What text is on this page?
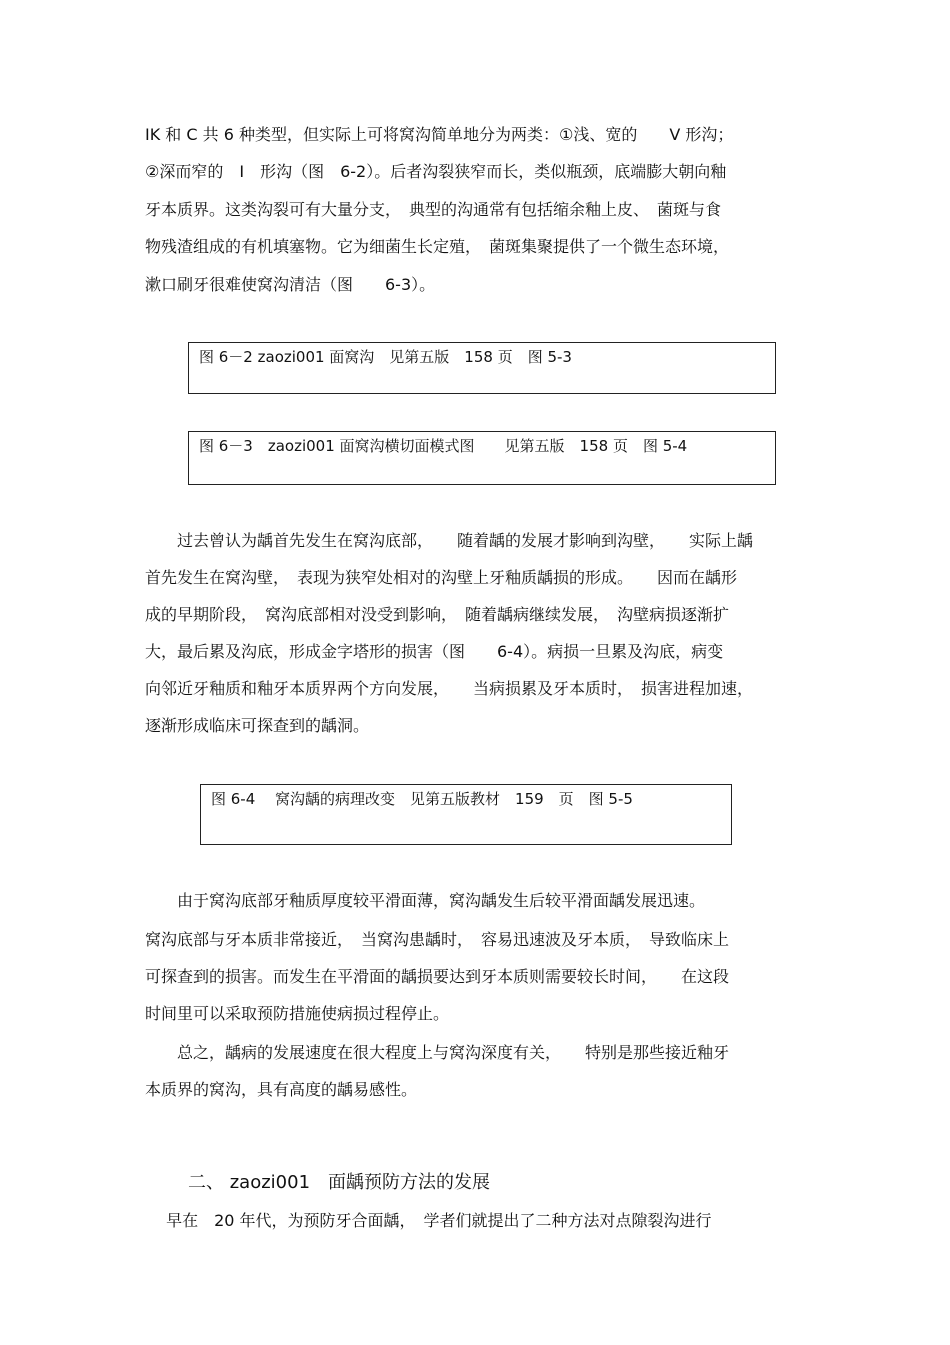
IK 和 C 共 6 种类型，但实际上可将窝沟简单地分为两类：①浅、宽的　　V 形沟；
②深而窄的　I　形沟（图　6-2）。后者沟裂狭窄而长，类似瓶颈，底端膨大朝向釉
牙本质界。这类沟裂可有大量分支，　典型的沟通常有包括缩余釉上皮、　菌斑与食
物残渣组成的有机填塞物。它为细菌生长定殖，　菌斑集聚提供了一个微生态环境，
漱口刷牙很难使窝沟清洁（图　　6-3）。
图 6－2 zaozi001 面窝沟　见第五版　158 页　图 5-3
图 6－3　zaozi001 面窝沟横切面模式图　　见第五版　158 页　图 5-4
　　过去曾认为龋首先发生在窝沟底部，　　随着龋的发展才影响到沟壁，　　实际上龋
首先发生在窝沟壁，　表现为狭窄处相对的沟壁上牙釉质龋损的形成。　　因而在龋形
成的早期阶段，　窝沟底部相对没受到影响，　随着龋病继续发展，　沟壁病损逐渐扩
大，最后累及沟底，形成金字塔形的损害（图　　6-4）。病损一旦累及沟底，病变
向邻近牙釉质和釉牙本质界两个方向发展，　　当病损累及牙本质时，　损害进程加速，
逐渐形成临床可探查到的龋洞。
图 6-4　 窝沟龋的病理改变　见第五版教材　159　页　图 5-5
　　由于窝沟底部牙釉质厚度较平滑面薄，窝沟龋发生后较平滑面龋发展迅速。
窝沟底部与牙本质非常接近，　当窝沟患龋时，　容易迅速波及牙本质，　导致临床上
可探查到的损害。而发生在平滑面的龋损要达到牙本质则需要较长时间，　　在这段
时间里可以采取预防措施使病损过程停止。
　　总之，龋病的发展速度在很大程度上与窝沟深度有关，　　特别是那些接近釉牙
本质界的窝沟，具有高度的龋易感性。
二、 zaozi001　面龋预防方法的发展
　 早在　20 年代，为预防牙合面龋，　学者们就提出了二种方法对点隙裂沟进行
